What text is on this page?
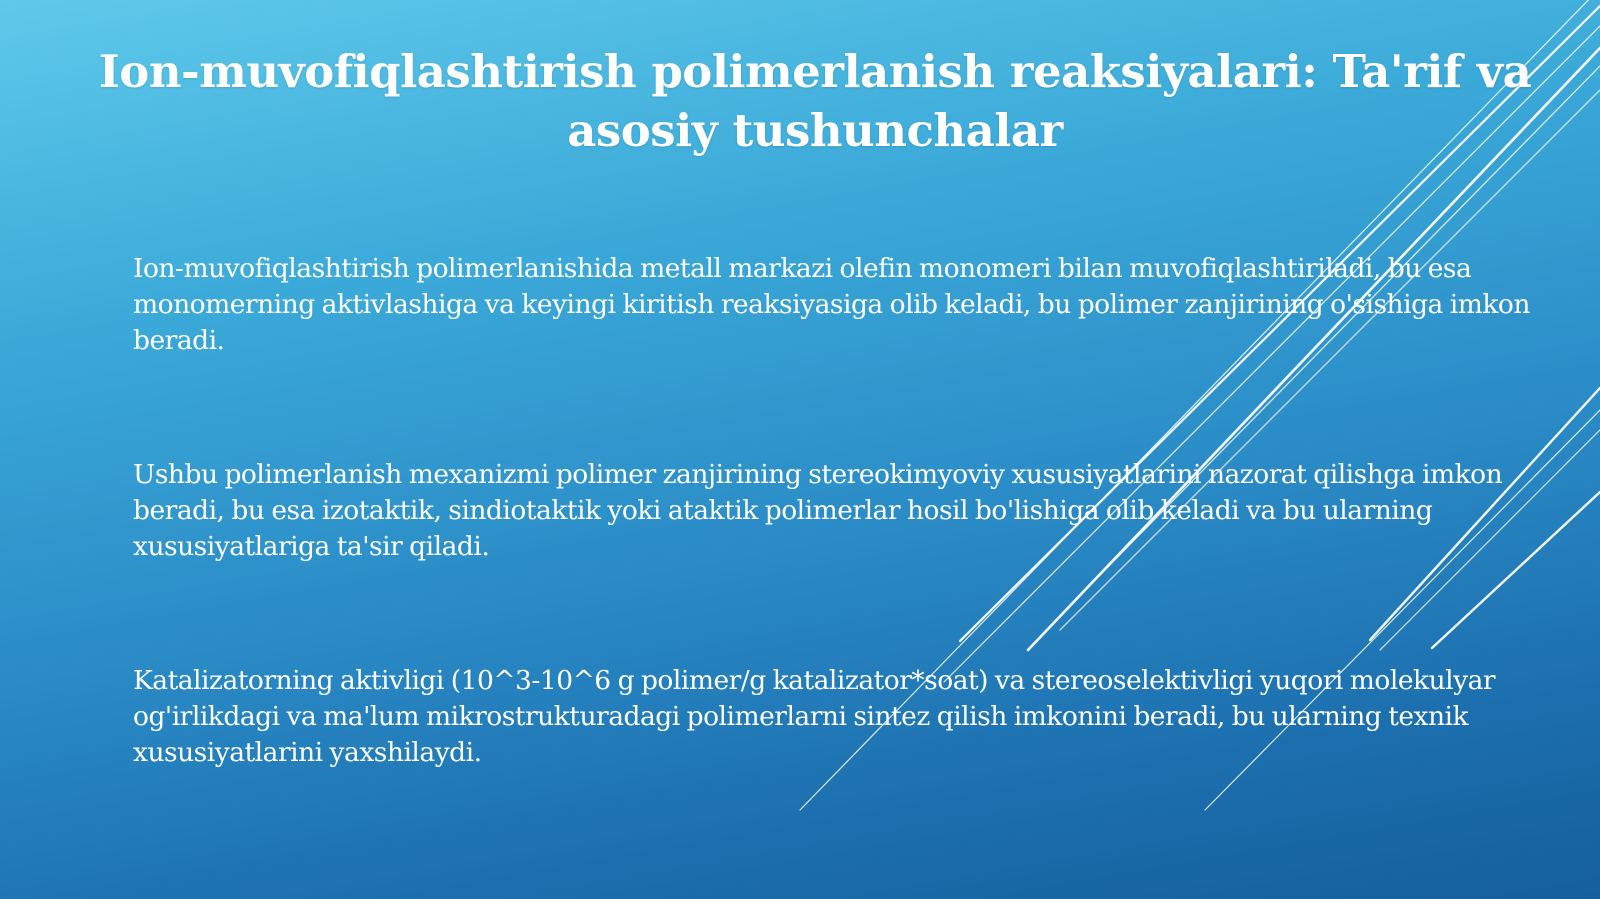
Ion-muvofiqlashtirish polimerlanish reaksiyalari: Ta'rif va asosiy tushunchalar
Ion-muvofiqlashtirish polimerlanishida metall markazi olefin monomeri bilan muvofiqlashtiriladi, bu esa monomerning aktivlashiga va keyingi kiritish reaksiyasiga olib keladi, bu polimer zanjirining o'sishiga imkon beradi.
Ushbu polimerlanish mexanizmi polimer zanjirining stereokimyoviy xususiyatlarini nazorat qilishga imkon beradi, bu esa izotaktik, sindiotaktik yoki ataktik polimerlar hosil bo'lishiga olib keladi va bu ularning xususiyatlariga ta'sir qiladi.
Katalizatorning aktivligi (10^3-10^6 g polimer/g katalizator*soat) va stereoselektivligi yuqori molekulyar og'irlikdagi va ma'lum mikrostrukturadagi polimerlarni sintez qilish imkonini beradi, bu ularning texnik xususiyatlarini yaxshilaydi.
